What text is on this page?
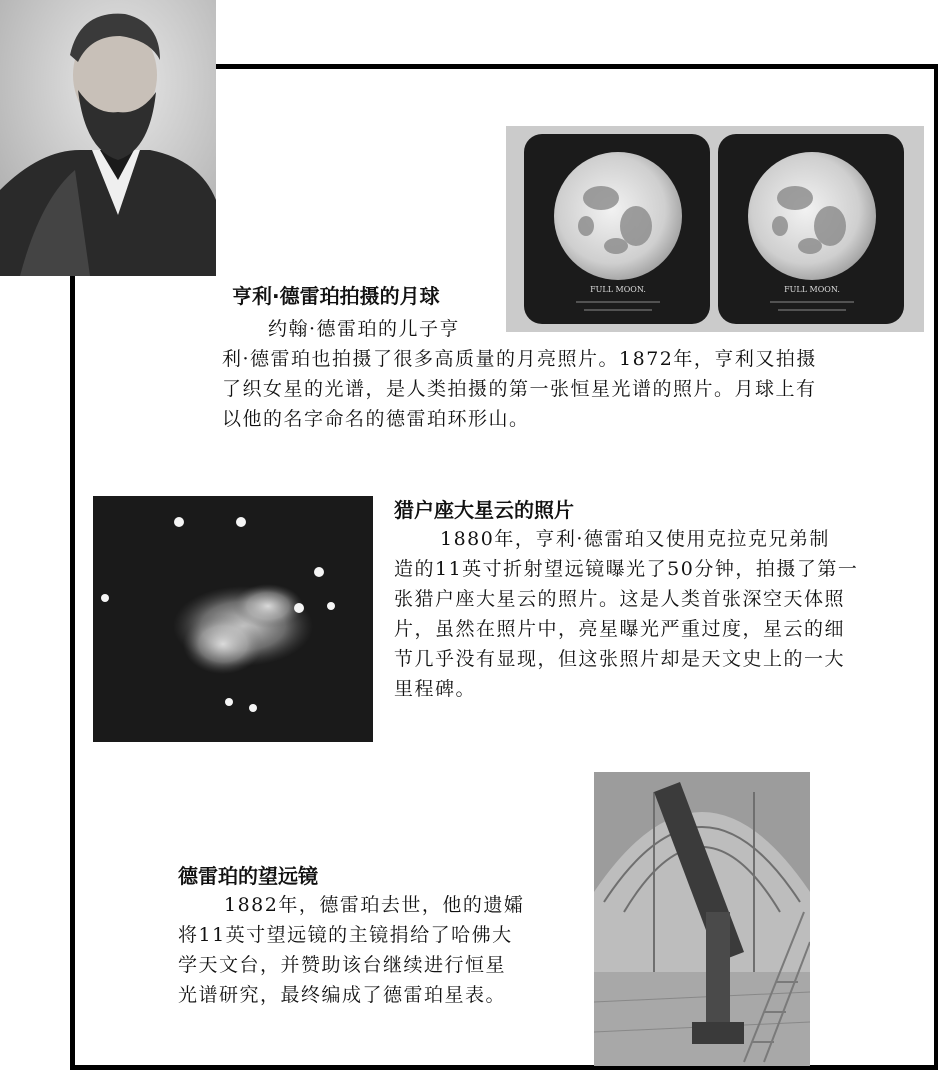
FULL MOON.	FULL MOON.
亨利·德雷珀拍摄的月球
约翰·德雷珀的儿子亨
利·德雷珀也拍摄了很多高质量的月亮照片。1872年，亨利又拍摄
了织女星的光谱，是人类拍摄的第一张恒星光谱的照片。月球上有
以他的名字命名的德雷珀环形山。
猎户座大星云的照片
1880年，亨利·德雷珀又使用克拉克兄弟制
造的11英寸折射望远镜曝光了50分钟，拍摄了第一
张猎户座大星云的照片。这是人类首张深空天体照
片，虽然在照片中，亮星曝光严重过度，星云的细
节几乎没有显现，但这张照片却是天文史上的一大
里程碑。
德雷珀的望远镜
1882年，德雷珀去世，他的遗孀
将11英寸望远镜的主镜捐给了哈佛大
学天文台，并赞助该台继续进行恒星
光谱研究，最终编成了德雷珀星表。
